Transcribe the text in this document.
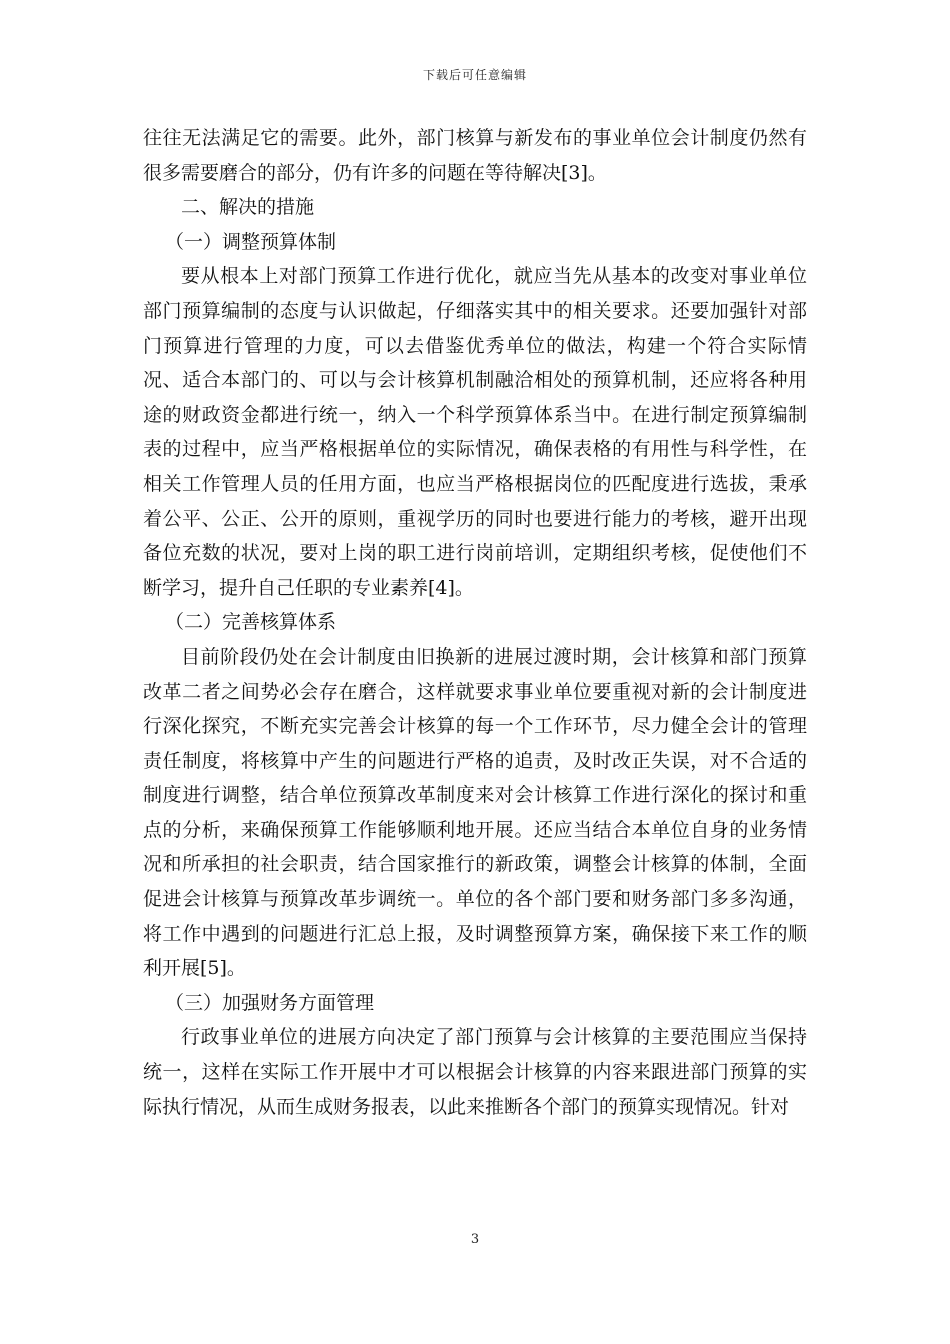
下载后可任意编辑

往往无法满足它的需要。此外，部门核算与新发布的事业单位会计制度仍然有很多需要磨合的部分，仍有许多的问题在等待解决[3]。

二、解决的措施

（一）调整预算体制

要从根本上对部门预算工作进行优化，就应当先从基本的改变对事业单位部门预算编制的态度与认识做起，仔细落实其中的相关要求。还要加强针对部门预算进行管理的力度，可以去借鉴优秀单位的做法，构建一个符合实际情况、适合本部门的、可以与会计核算机制融洽相处的预算机制，还应将各种用途的财政资金都进行统一，纳入一个科学预算体系当中。在进行制定预算编制表的过程中，应当严格根据单位的实际情况，确保表格的有用性与科学性，在相关工作管理人员的任用方面，也应当严格根据岗位的匹配度进行选拔，秉承着公平、公正、公开的原则，重视学历的同时也要进行能力的考核，避开出现备位充数的状况，要对上岗的职工进行岗前培训，定期组织考核，促使他们不断学习，提升自己任职的专业素养[4]。

（二）完善核算体系

目前阶段仍处在会计制度由旧换新的进展过渡时期，会计核算和部门预算改革二者之间势必会存在磨合，这样就要求事业单位要重视对新的会计制度进行深化探究，不断充实完善会计核算的每一个工作环节，尽力健全会计的管理责任制度，将核算中产生的问题进行严格的追责，及时改正失误，对不合适的制度进行调整，结合单位预算改革制度来对会计核算工作进行深化的探讨和重点的分析，来确保预算工作能够顺利地开展。还应当结合本单位自身的业务情况和所承担的社会职责，结合国家推行的新政策，调整会计核算的体制，全面促进会计核算与预算改革步调统一。单位的各个部门要和财务部门多多沟通，将工作中遇到的问题进行汇总上报，及时调整预算方案，确保接下来工作的顺利开展[5]。

（三）加强财务方面管理

行政事业单位的进展方向决定了部门预算与会计核算的主要范围应当保持统一，这样在实际工作开展中才可以根据会计核算的内容来跟进部门预算的实际执行情况，从而生成财务报表，以此来推断各个部门的预算实现情况。针对

3
